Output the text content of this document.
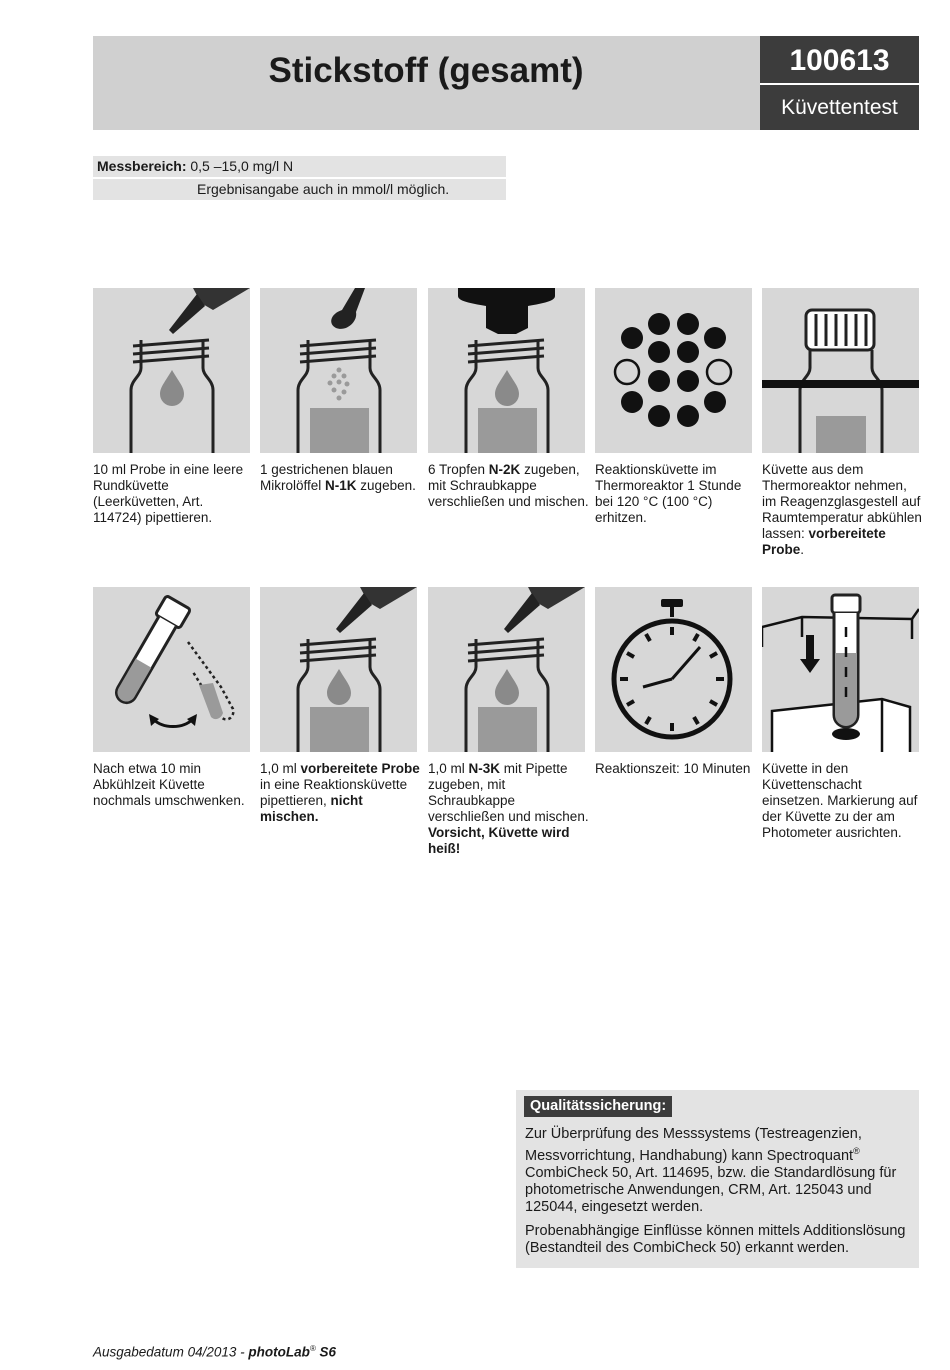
Stickstoff (gesamt)	100613
Küvettentest
Messbereich: 0,5 –15,0 mg/l N
Ergebnisangabe auch in mmol/l möglich.
10 ml Probe in eine leere Rundküvette (Leerküvetten, Art. 114724) pipettieren.
1 gestrichenen blauen Mikrolöffel N-1K zugeben.
6 Tropfen N-2K zugeben, mit Schraubkappe verschließen und mischen.
Reaktionsküvette im Thermoreaktor 1 Stunde bei 120 °C (100 °C) erhitzen.
Küvette aus dem Thermoreaktor nehmen, im Reagenzglasgestell auf Raumtemperatur abkühlen lassen: vorbereitete Probe.
Nach etwa 10 min Abkühlzeit Küvette nochmals umschwenken.
1,0 ml vorbereitete Probe in eine Reaktionsküvette pipettieren, nicht mischen.
1,0 ml N-3K mit Pipette zugeben, mit Schraubkappe verschließen und mischen. Vorsicht, Küvette wird heiß!
Reaktionszeit: 10 Minuten Küvette in den Küvettenschacht einsetzen. Markierung auf der Küvette zu der am Photometer ausrichten.
Qualitätssicherung:

Zur Überprüfung des Messsystems (Testreagenzien, Messvorrichtung, Handhabung) kann Spectroquant® CombiCheck 50, Art. 114695, bzw. die Standardlösung für photometrische Anwendungen, CRM, Art. 125043 und 125044, eingesetzt werden.

Probenabhängige Einflüsse können mittels Additionslösung (Bestandteil des CombiCheck 50) erkannt werden.

Ausgabedatum 04/2013 - photoLab® S6
